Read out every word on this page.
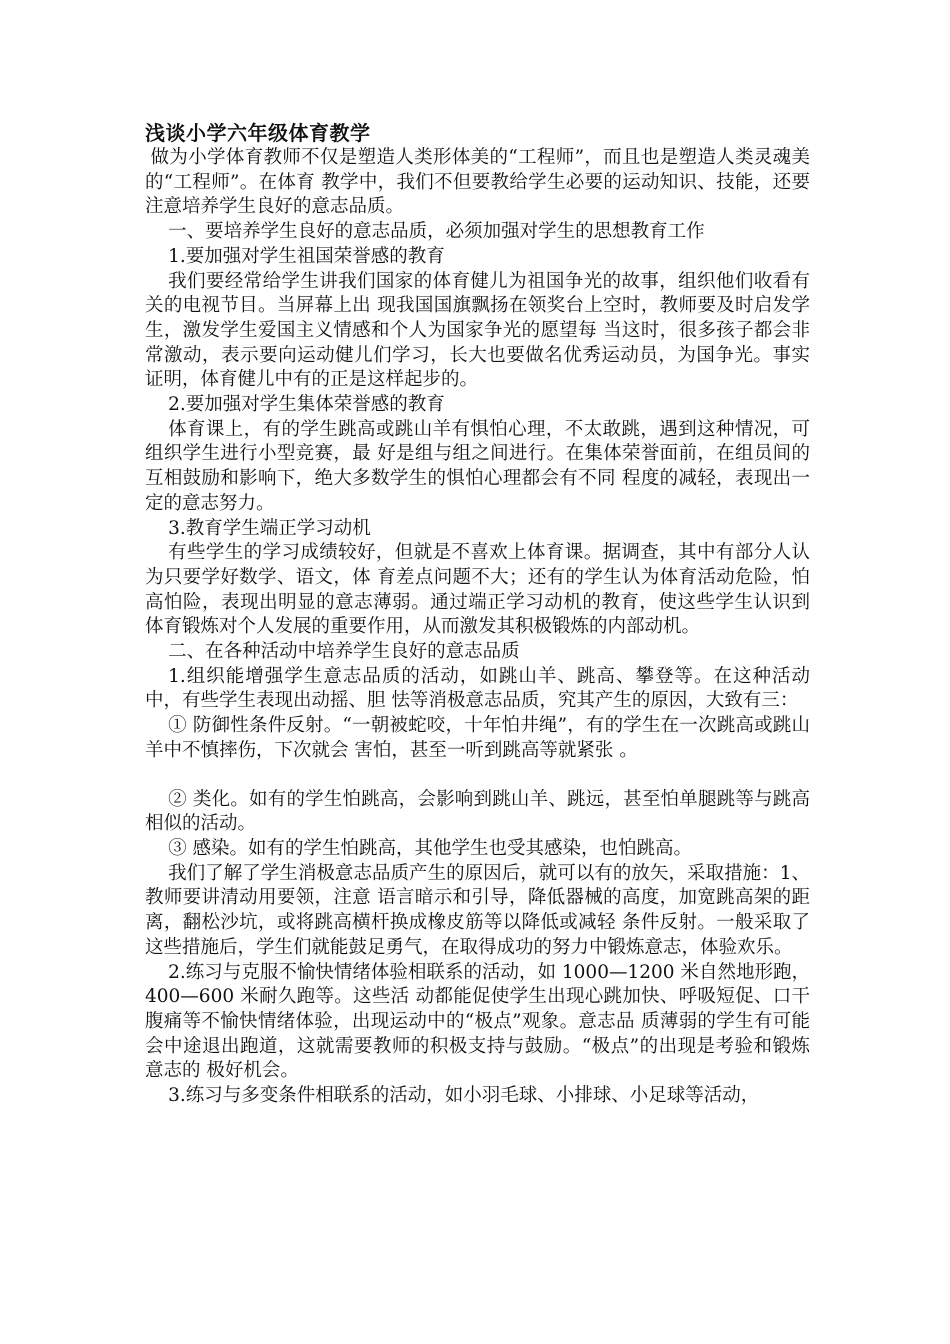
浅谈小学六年级体育教学

做为小学体育教师不仅是塑造人类形体美的“工程师”，而且也是塑造人类灵魂美的“工程师”。在体育 教学中，我们不但要教给学生必要的运动知识、技能，还要注意培养学生良好的意志品质。

一、要培养学生良好的意志品质，必须加强对学生的思想教育工作

1.要加强对学生祖国荣誉感的教育

我们要经常给学生讲我们国家的体育健儿为祖国争光的故事，组织他们收看有关的电视节目。当屏幕上出 现我国国旗飘扬在领奖台上空时，教师要及时启发学生，激发学生爱国主义情感和个人为国家争光的愿望每 当这时，很多孩子都会非常激动，表示要向运动健儿们学习，长大也要做名优秀运动员，为国争光。事实证明，体育健儿中有的正是这样起步的。

2.要加强对学生集体荣誉感的教育

体育课上，有的学生跳高或跳山羊有惧怕心理，不太敢跳，遇到这种情况，可组织学生进行小型竞赛，最 好是组与组之间进行。在集体荣誉面前，在组员间的互相鼓励和影响下，绝大多数学生的惧怕心理都会有不同 程度的减轻，表现出一定的意志努力。

3.教育学生端正学习动机

有些学生的学习成绩较好，但就是不喜欢上体育课。据调查，其中有部分人认为只要学好数学、语文，体 育差点问题不大；还有的学生认为体育活动危险，怕高怕险，表现出明显的意志薄弱。通过端正学习动机的教育，使这些学生认识到体育锻炼对个人发展的重要作用，从而激发其积极锻炼的内部动机。

二、在各种活动中培养学生良好的意志品质

1.组织能增强学生意志品质的活动，如跳山羊、跳高、攀登等。在这种活动中，有些学生表现出动摇、胆 怯等消极意志品质，究其产生的原因，大致有三：

① 防御性条件反射。“一朝被蛇咬，十年怕井绳”，有的学生在一次跳高或跳山羊中不慎摔伤，下次就会 害怕，甚至一听到跳高等就紧张 。

② 类化。如有的学生怕跳高，会影响到跳山羊、跳远，甚至怕单腿跳等与跳高相似的活动。

③ 感染。如有的学生怕跳高，其他学生也受其感染，也怕跳高。

我们了解了学生消极意志品质产生的原因后，就可以有的放矢，采取措施：1、教师要讲清动用要领，注意 语言暗示和引导，降低器械的高度，加宽跳高架的距离，翻松沙坑，或将跳高横杆换成橡皮筋等以降低或减轻 条件反射。一般采取了这些措施后，学生们就能鼓足勇气，在取得成功的努力中锻炼意志，体验欢乐。

2.练习与克服不愉快情绪体验相联系的活动，如 1000—1200 米自然地形跑，400—600 米耐久跑等。这些活 动都能促使学生出现心跳加快、呼吸短促、口干腹痛等不愉快情绪体验，出现运动中的“极点”观象。意志品 质薄弱的学生有可能会中途退出跑道，这就需要教师的积极支持与鼓励。“极点”的出现是考验和锻炼意志的 极好机会。

3.练习与多变条件相联系的活动，如小羽毛球、小排球、小足球等活动，
